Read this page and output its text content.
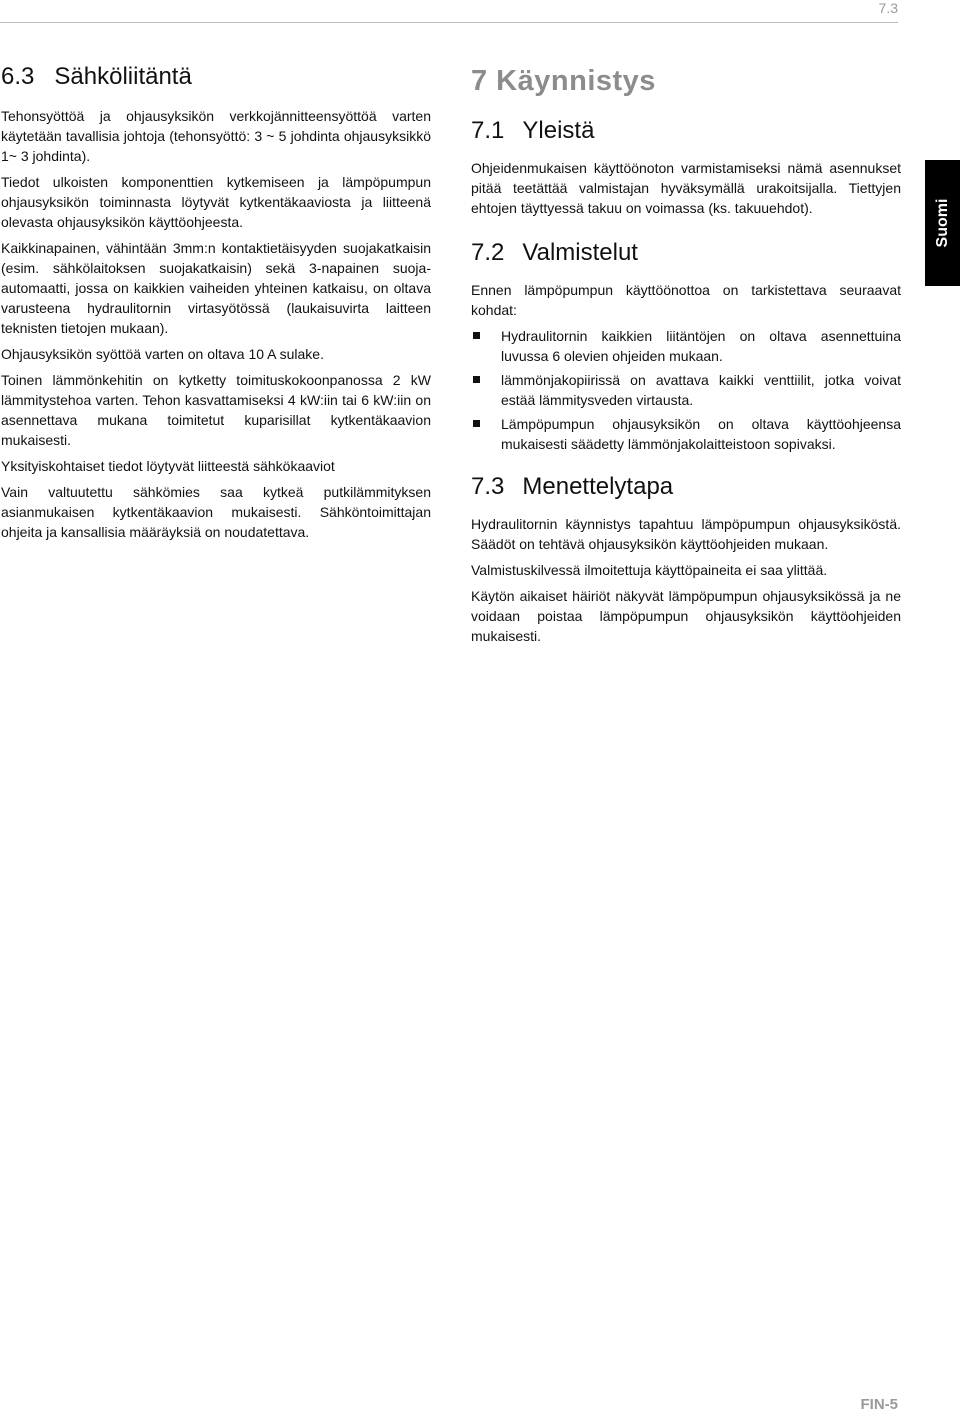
7.3
6.3 Sähköliitäntä

Tehonsyöttöä ja ohjausyksikön verkkojännitteensyöttöä varten käytetään tavallisia johtoja (tehonsyöttö: 3 ~ 5 johdinta ohjausyksikkö 1~ 3 johdinta).

Tiedot ulkoisten komponenttien kytkemiseen ja lämpöpumpun ohjausyksikön toiminnasta löytyvät kytkentäkaaviosta ja liitteenä olevasta ohjausyksikön käyttöohjeesta.

Kaikkinapainen, vähintään 3mm:n kontaktietäisyyden suojakatkaisin (esim. sähkölaitoksen suojakatkaisin) sekä 3-napainen suoja-automaatti, jossa on kaikkien vaiheiden yhteinen katkaisu, on oltava varusteena hydraulitornin virtasyötössä (laukaisuvirta laitteen teknisten tietojen mukaan).

Ohjausyksikön syöttöä varten on oltava 10 A sulake.

Toinen lämmönkehitin on kytketty toimituskokoonpanossa 2 kW lämmitystehoa varten. Tehon kasvattamiseksi 4 kW:iin tai 6 kW:iin on asennettava mukana toimitetut kuparisillat kytkentäkaavion mukaisesti.

Yksityiskohtaiset tiedot löytyvät liitteestä sähkökaaviot

Vain valtuutettu sähkömies saa kytkeä putkilämmityksen asianmukaisen kytkentäkaavion mukaisesti. Sähköntoimittajan ohjeita ja kansallisia määräyksiä on noudatettava.

7 Käynnistys
7.1 Yleistä

Ohjeidenmukaisen käyttöönoton varmistamiseksi nämä asennukset pitää teetättää valmistajan hyväksymällä urakoitsijalla. Tiettyjen ehtojen täyttyessä takuu on voimassa (ks. takuuehdot).

7.2 Valmistelut

Ennen lämpöpumpun käyttöönottoa on tarkistettava seuraavat kohdat:

Hydraulitornin kaikkien liitäntöjen on oltava asennettuina luvussa 6 olevien ohjeiden mukaan.
lämmönjakopiirissä on avattava kaikki venttiilit, jotka voivat estää lämmitysveden virtausta.
Lämpöpumpun ohjausyksikön on oltava käyttöohjeensa mukaisesti säädetty lämmönjakolaitteistoon sopivaksi.
7.3 Menettelytapa

Hydraulitornin käynnistys tapahtuu lämpöpumpun ohjausyksiköstä. Säädöt on tehtävä ohjausyksikön käyttöohjeiden mukaan.

Valmistuskilvessä ilmoitettuja käyttöpaineita ei saa ylittää.

Käytön aikaiset häiriöt näkyvät lämpöpumpun ohjausyksikössä ja ne voidaan poistaa lämpöpumpun ohjausyksikön käyttöohjeiden mukaisesti.

Suomi
FIN-5
